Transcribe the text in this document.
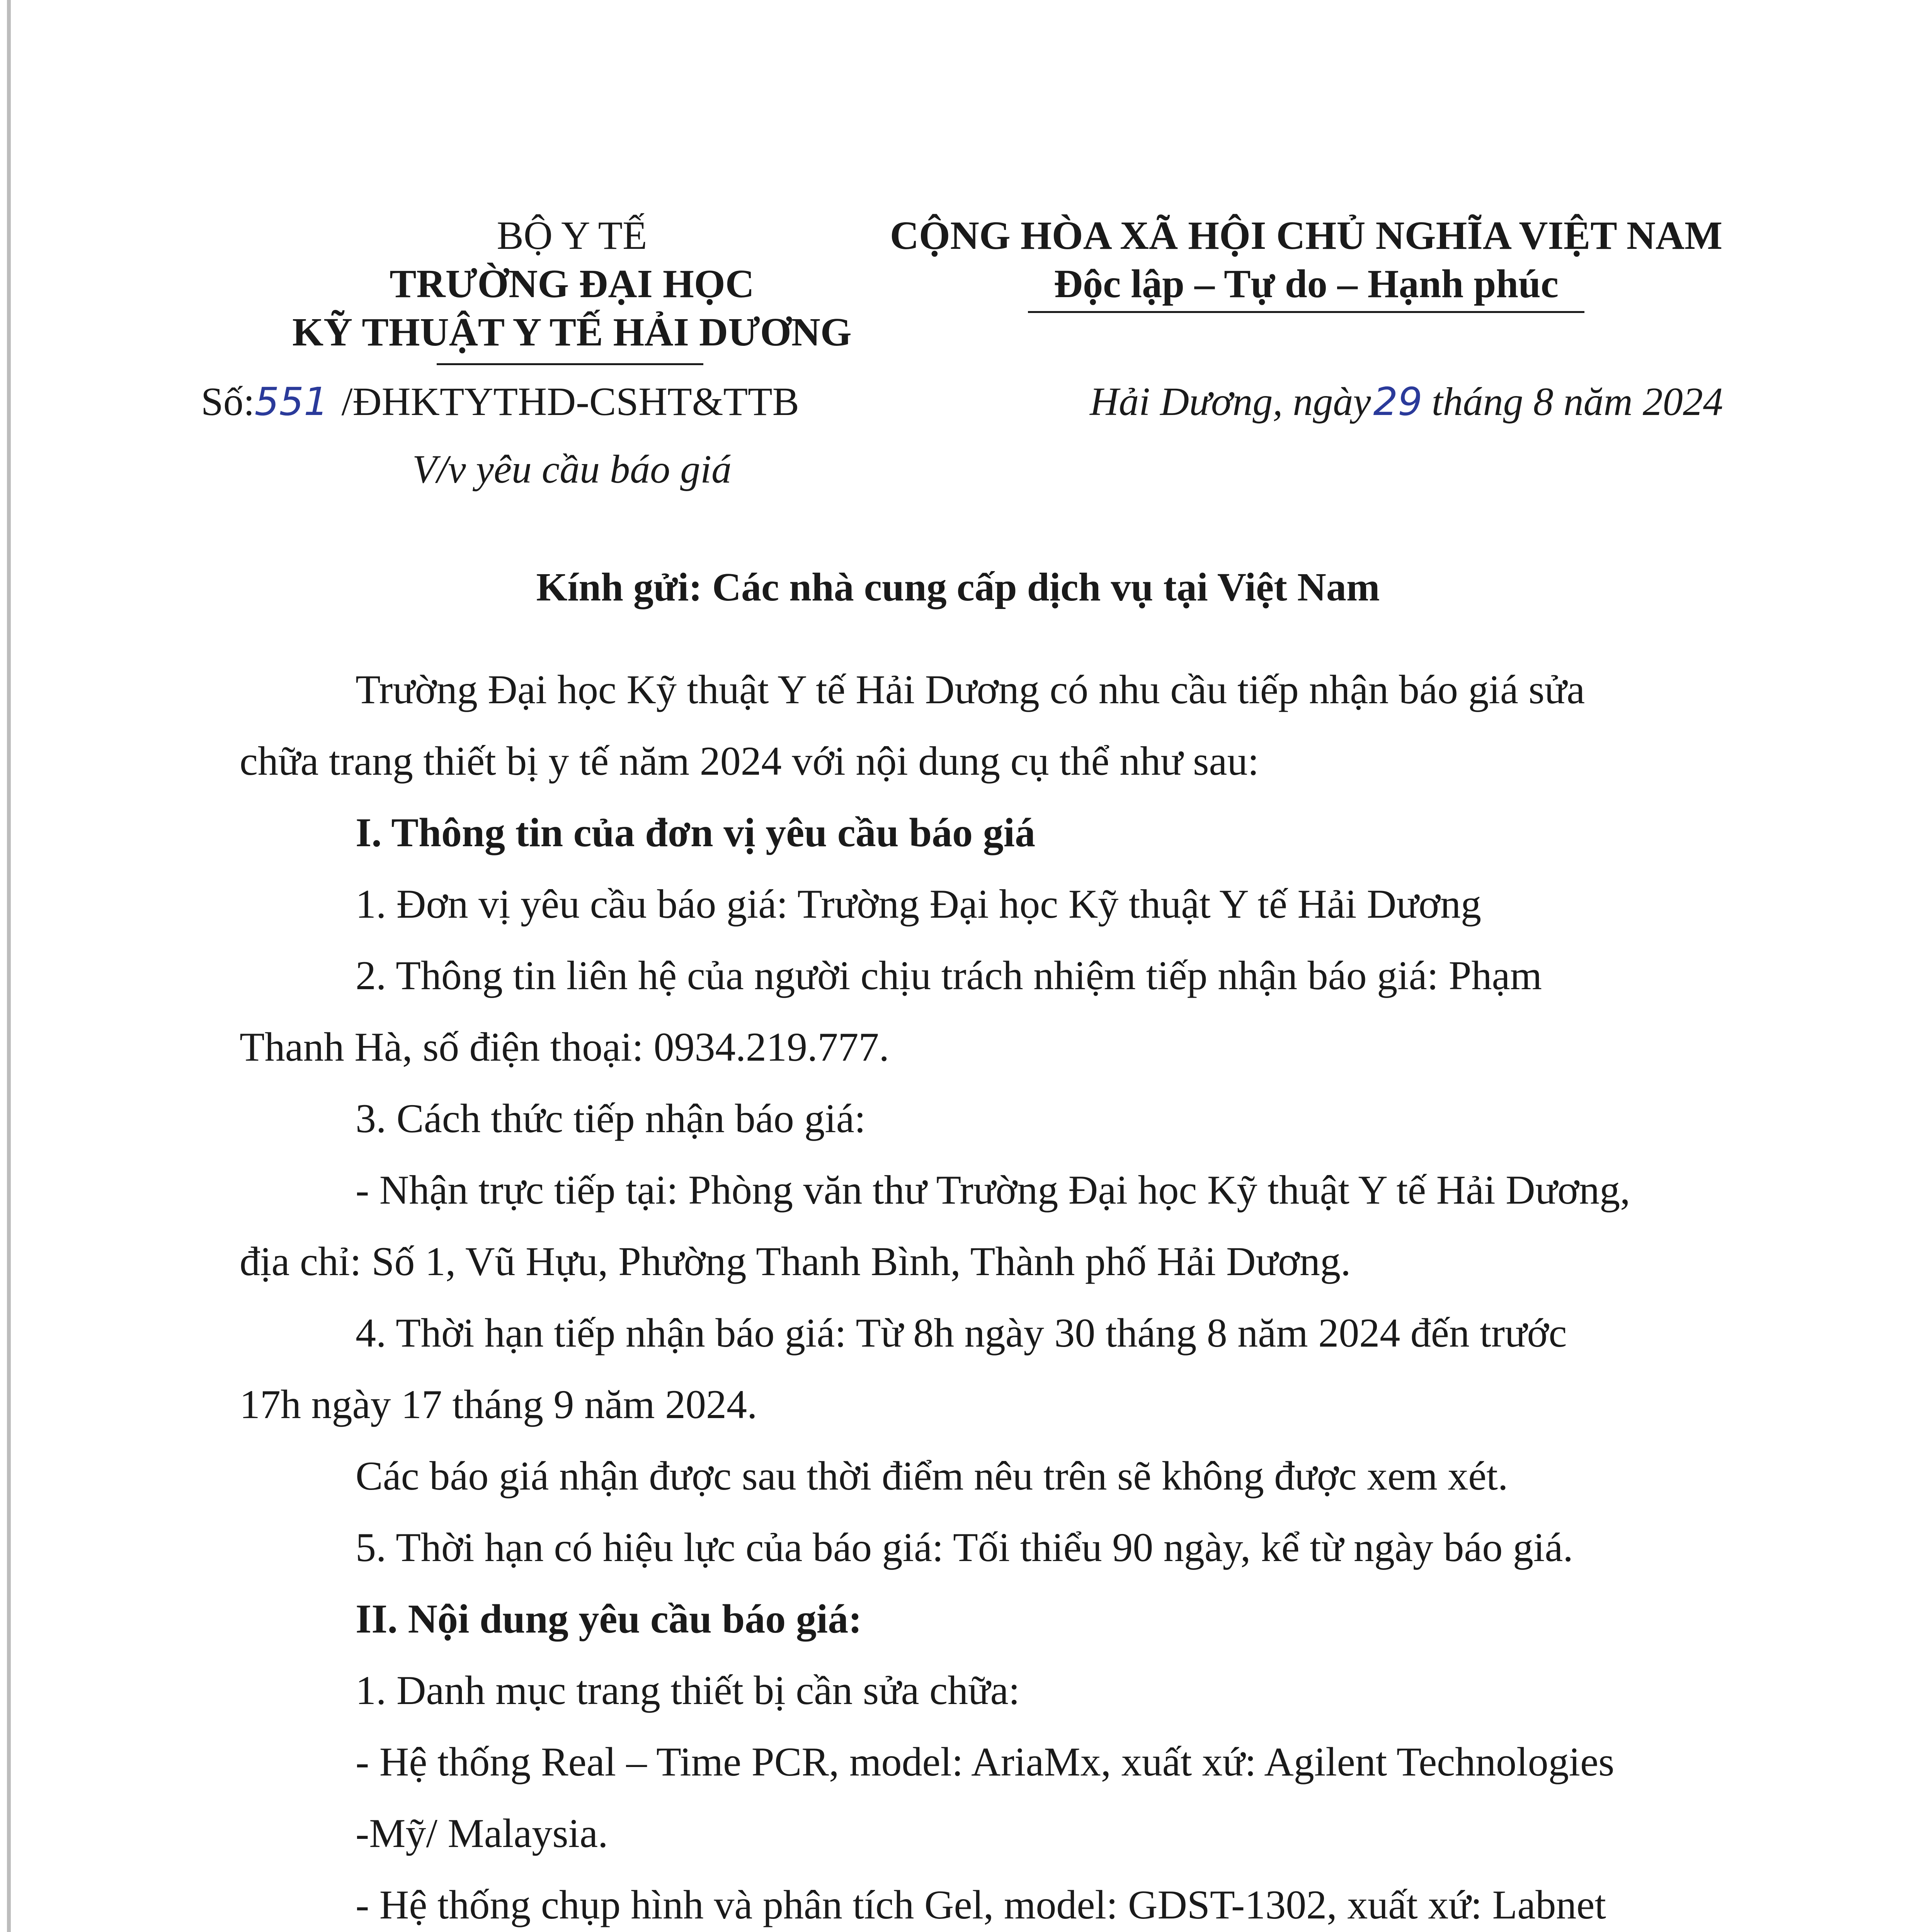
BỘ Y TẾ
TRƯỜNG ĐẠI HỌC
KỸ THUẬT Y TẾ HẢI DƯƠNG
Số:551 /ĐHKTYTHD-CSHT&TTB
V/v yêu cầu báo giá
CỘNG HÒA XÃ HỘI CHỦ NGHĨA VIỆT NAM
Độc lập – Tự do – Hạnh phúc
Hải Dương, ngày29 tháng 8 năm 2024
Kính gửi: Các nhà cung cấp dịch vụ tại Việt Nam
Trường Đại học Kỹ thuật Y tế Hải Dương có nhu cầu tiếp nhận báo giá sửa
chữa trang thiết bị y tế năm 2024 với nội dung cụ thể như sau:
I. Thông tin của đơn vị yêu cầu báo giá
1. Đơn vị yêu cầu báo giá: Trường Đại học Kỹ thuật Y tế Hải Dương
2. Thông tin liên hệ của người chịu trách nhiệm tiếp nhận báo giá: Phạm
Thanh Hà, số điện thoại: 0934.219.777.
3. Cách thức tiếp nhận báo giá:
- Nhận trực tiếp tại: Phòng văn thư Trường Đại học Kỹ thuật Y tế Hải Dương,
địa chỉ: Số 1, Vũ Hựu, Phường Thanh Bình, Thành phố Hải Dương.
4. Thời hạn tiếp nhận báo giá: Từ 8h ngày 30 tháng 8 năm 2024 đến trước
17h ngày 17 tháng 9 năm 2024.
Các báo giá nhận được sau thời điểm nêu trên sẽ không được xem xét.
5. Thời hạn có hiệu lực của báo giá: Tối thiểu 90 ngày, kể từ ngày báo giá.
II. Nội dung yêu cầu báo giá:
1. Danh mục trang thiết bị cần sửa chữa:
- Hệ thống Real – Time PCR, model: AriaMx, xuất xứ: Agilent Technologies
-Mỹ/ Malaysia.
- Hệ thống chụp hình và phân tích Gel, model: GDST-1302, xuất xứ: Labnet
